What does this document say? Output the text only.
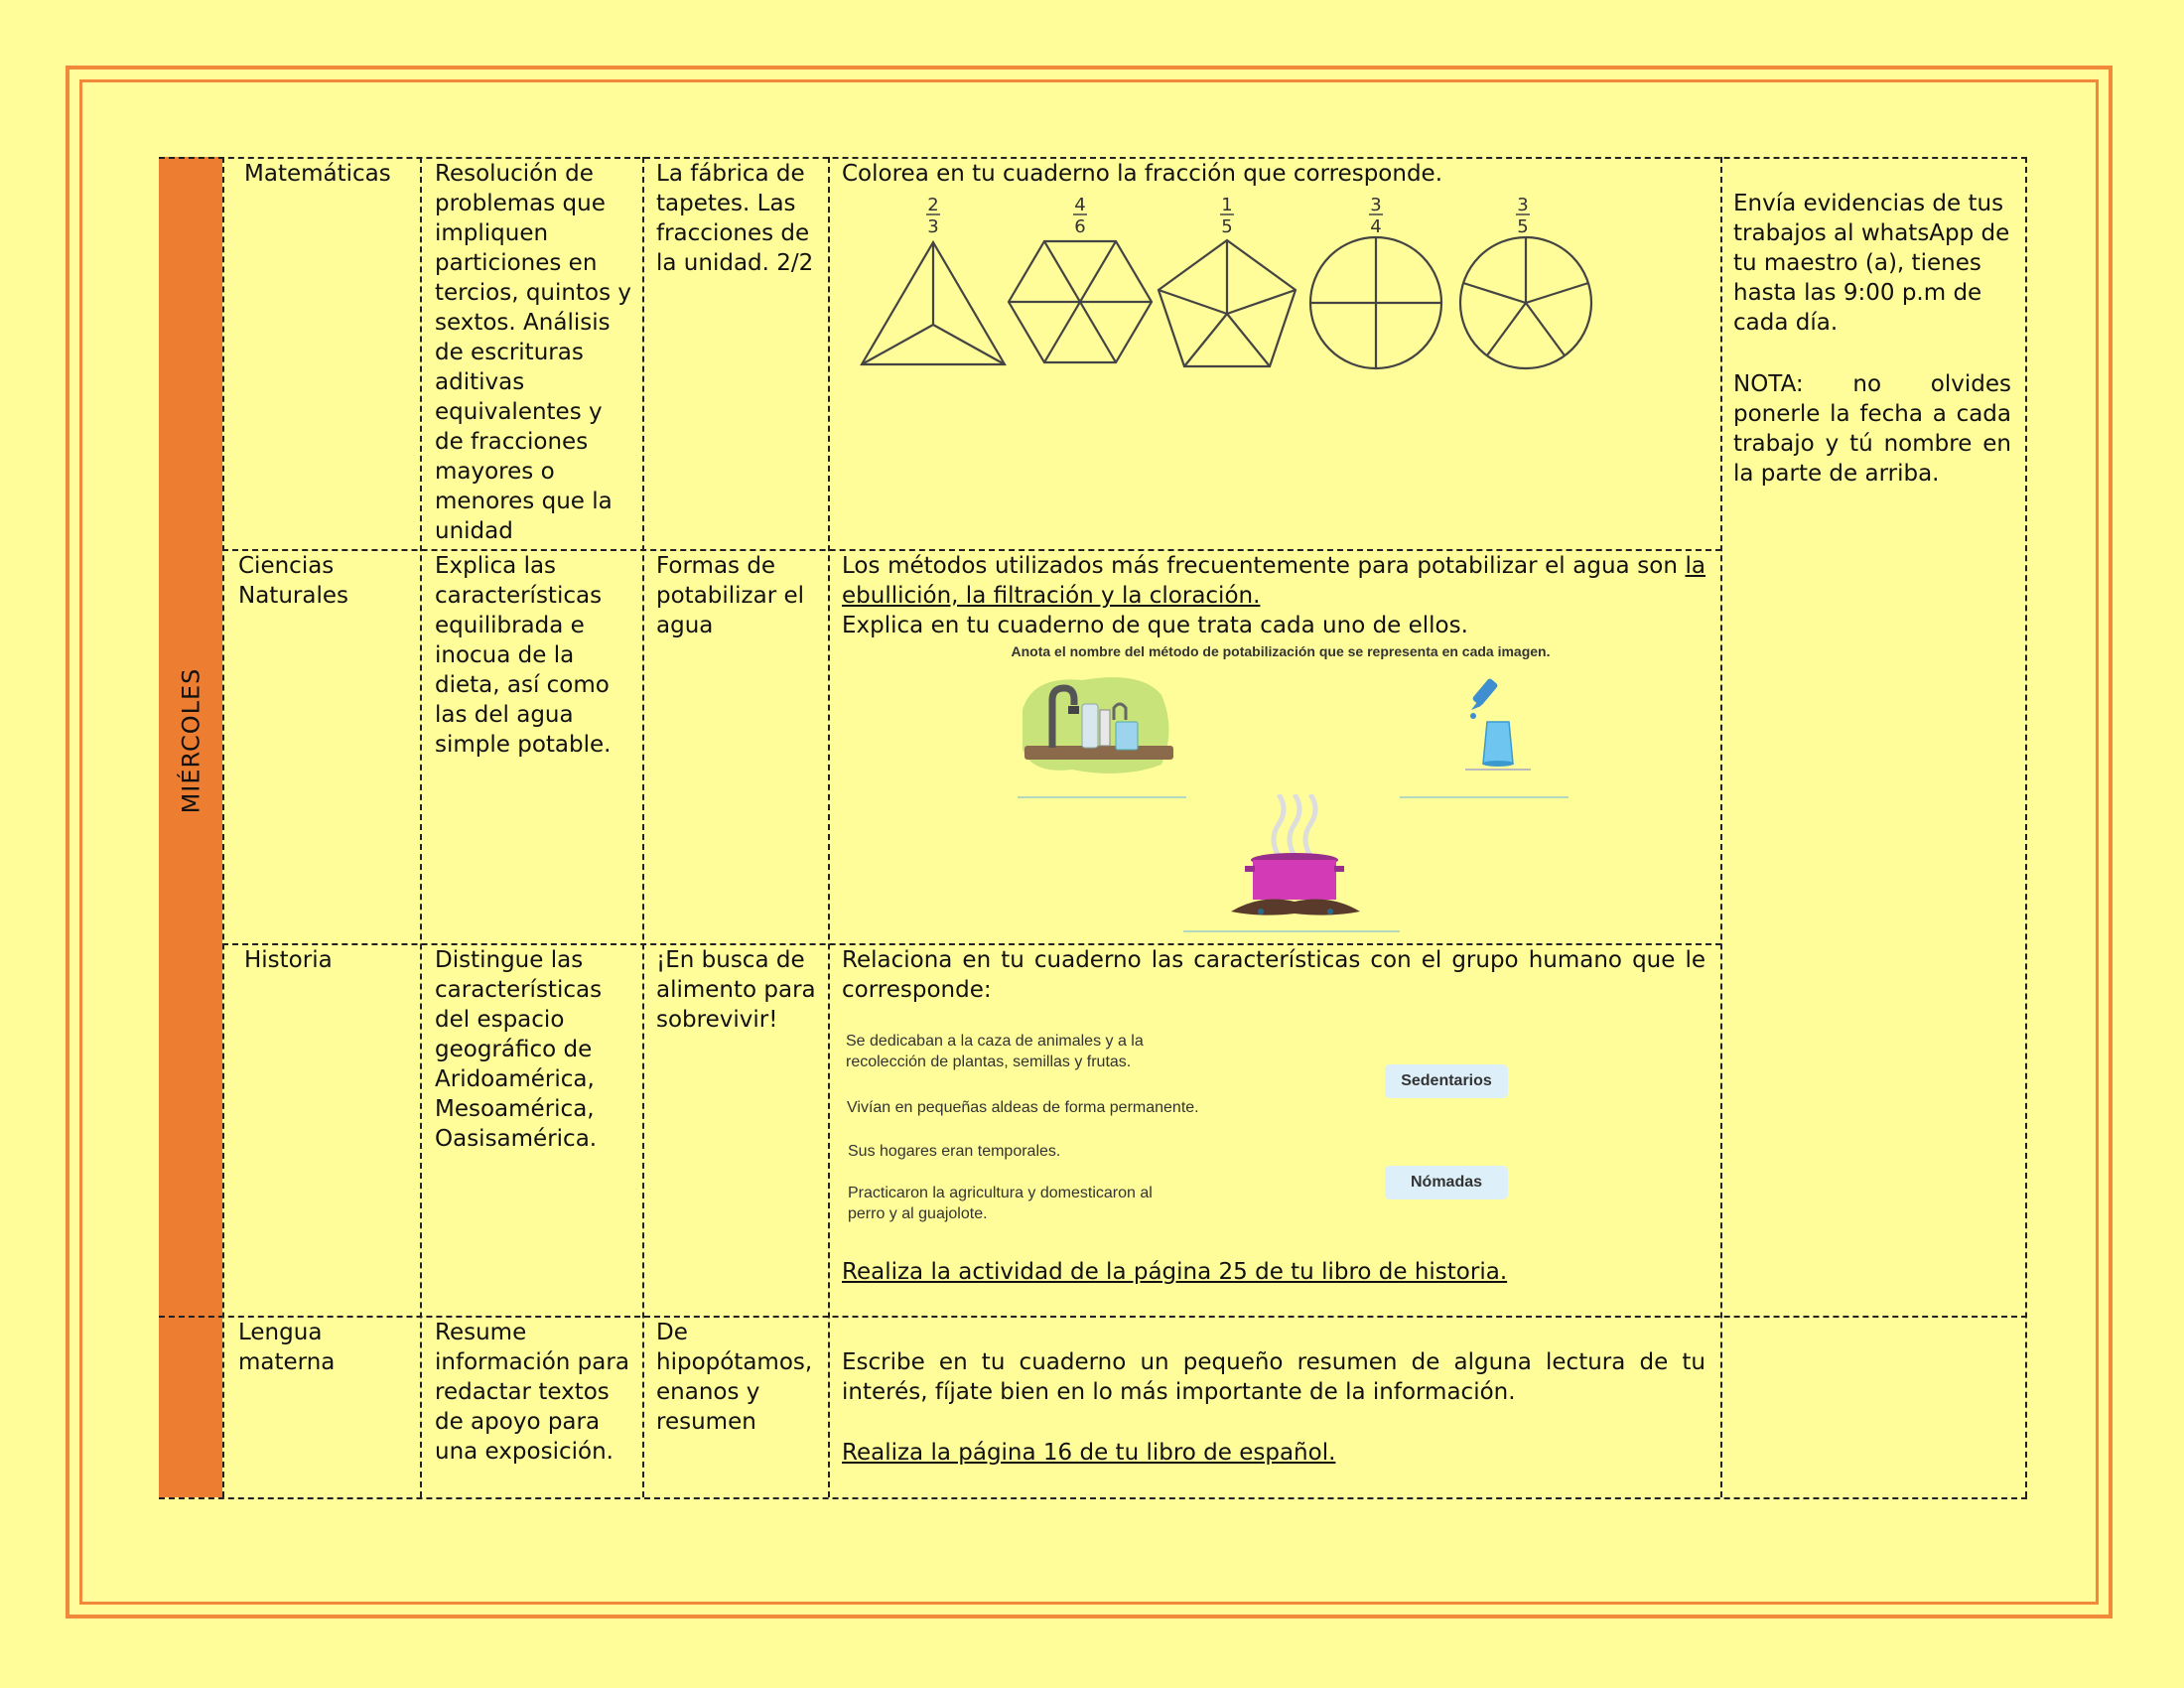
MIÉRCOLES
Matemáticas	Resolución de problemas que impliquen particiones en tercios, quintos y sextos. Análisis de escrituras aditivas equivalentes y de fracciones mayores o menores que la unidad
La fábrica de tapetes. Las fracciones de la unidad. 2/2
Colorea en tu cuaderno la fracción que corresponde.
2
3
4
6
1
5
3
4
3
5
Ciencias Naturales
Explica las características equilibrada e inocua de la dieta, así como las del agua simple potable.
Formas de potabilizar el agua
Los métodos utilizados más frecuentemente para potabilizar el agua son la ebullición, la filtración y la cloración.
Explica en tu cuaderno de que trata cada uno de ellos.
Anota el nombre del método de potabilización que se representa en cada imagen.
Historia	Distingue las características del espacio geográfico de Aridoamérica, Mesoamérica, Oasisamérica.
¡En busca de alimento para sobrevivir!
Relaciona en tu cuaderno las características con el grupo humano que le corresponde:
Se dedicaban a la caza de animales y a la recolección de plantas, semillas y frutas.
Vivían en pequeñas aldeas de forma permanente.
Sus hogares eran temporales.
Practicaron la agricultura y domesticaron al perro y al guajolote.
Sedentarios
Nómadas
Realiza la actividad de la página 25 de tu libro de historia.
Lengua materna
Resume información para redactar textos de apoyo para una exposición.
De hipopótamos, enanos y resumen
Escribe en tu cuaderno un pequeño resumen de alguna lectura de tu interés, fíjate bien en lo más importante de la información.
Realiza la página 16 de tu libro de español.
Envía evidencias de tus trabajos al whatsApp de tu maestro (a), tienes hasta las 9:00 p.m de cada día.
NOTA: no olvides ponerle la fecha a cada trabajo y tú nombre en la parte de arriba.
